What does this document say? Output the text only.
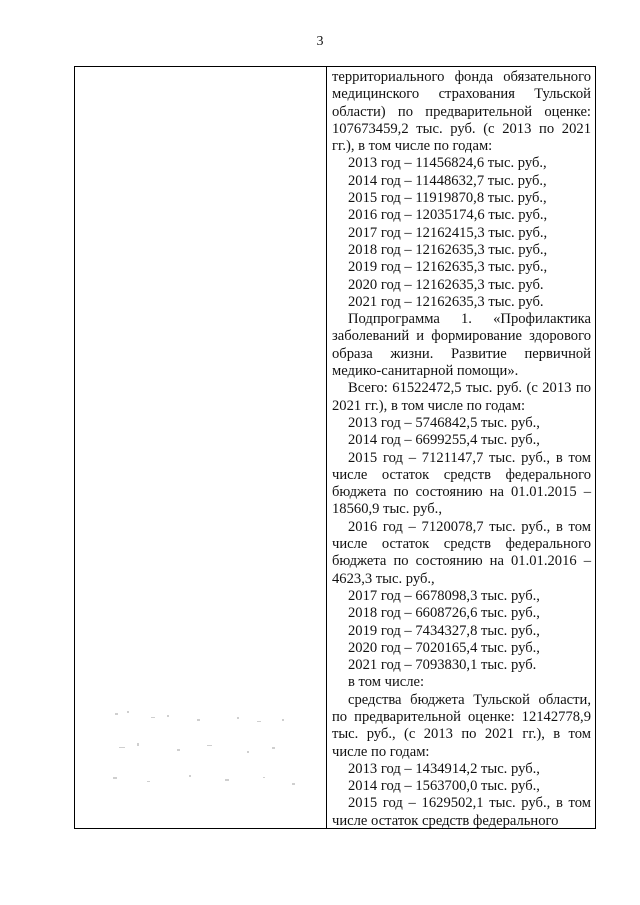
3

территориального фонда обязательного медицинского страхования Тульской области) по предварительной оценке: 107673459,2 тыс. руб. (с 2013 по 2021 гг.), в том числе по годам:

2013 год – 11456824,6 тыс. руб.,

2014 год – 11448632,7 тыс. руб.,

2015 год – 11919870,8 тыс. руб.,

2016 год – 12035174,6 тыс. руб.,

2017 год – 12162415,3 тыс. руб.,

2018 год – 12162635,3 тыс. руб.,

2019 год – 12162635,3 тыс. руб.,

2020 год – 12162635,3 тыс. руб.

2021 год – 12162635,3 тыс. руб.

Подпрограмма 1. «Профилактика заболеваний и формирование здорового образа жизни. Развитие первичной медико-санитарной помощи».

Всего: 61522472,5 тыс. руб. (с 2013 по 2021 гг.), в том числе по годам:

2013 год – 5746842,5 тыс. руб.,

2014 год – 6699255,4 тыс. руб.,

2015 год – 7121147,7 тыс. руб., в том числе остаток средств федерального бюджета по состоянию на 01.01.2015 – 18560,9 тыс. руб.,

2016 год – 7120078,7 тыс. руб., в том числе остаток средств федерального бюджета по состоянию на 01.01.2016 – 4623,3 тыс. руб.,

2017 год – 6678098,3 тыс. руб.,

2018 год – 6608726,6 тыс. руб.,

2019 год – 7434327,8 тыс. руб.,

2020 год – 7020165,4 тыс. руб.,

2021 год – 7093830,1 тыс. руб.

в том числе:

средства бюджета Тульской области, по предварительной оценке: 12142778,9 тыс. руб., (с 2013 по 2021 гг.), в том числе по годам:

2013 год – 1434914,2 тыс. руб.,

2014 год – 1563700,0 тыс. руб.,

2015 год – 1629502,1 тыс. руб., в том числе остаток средств федерального
